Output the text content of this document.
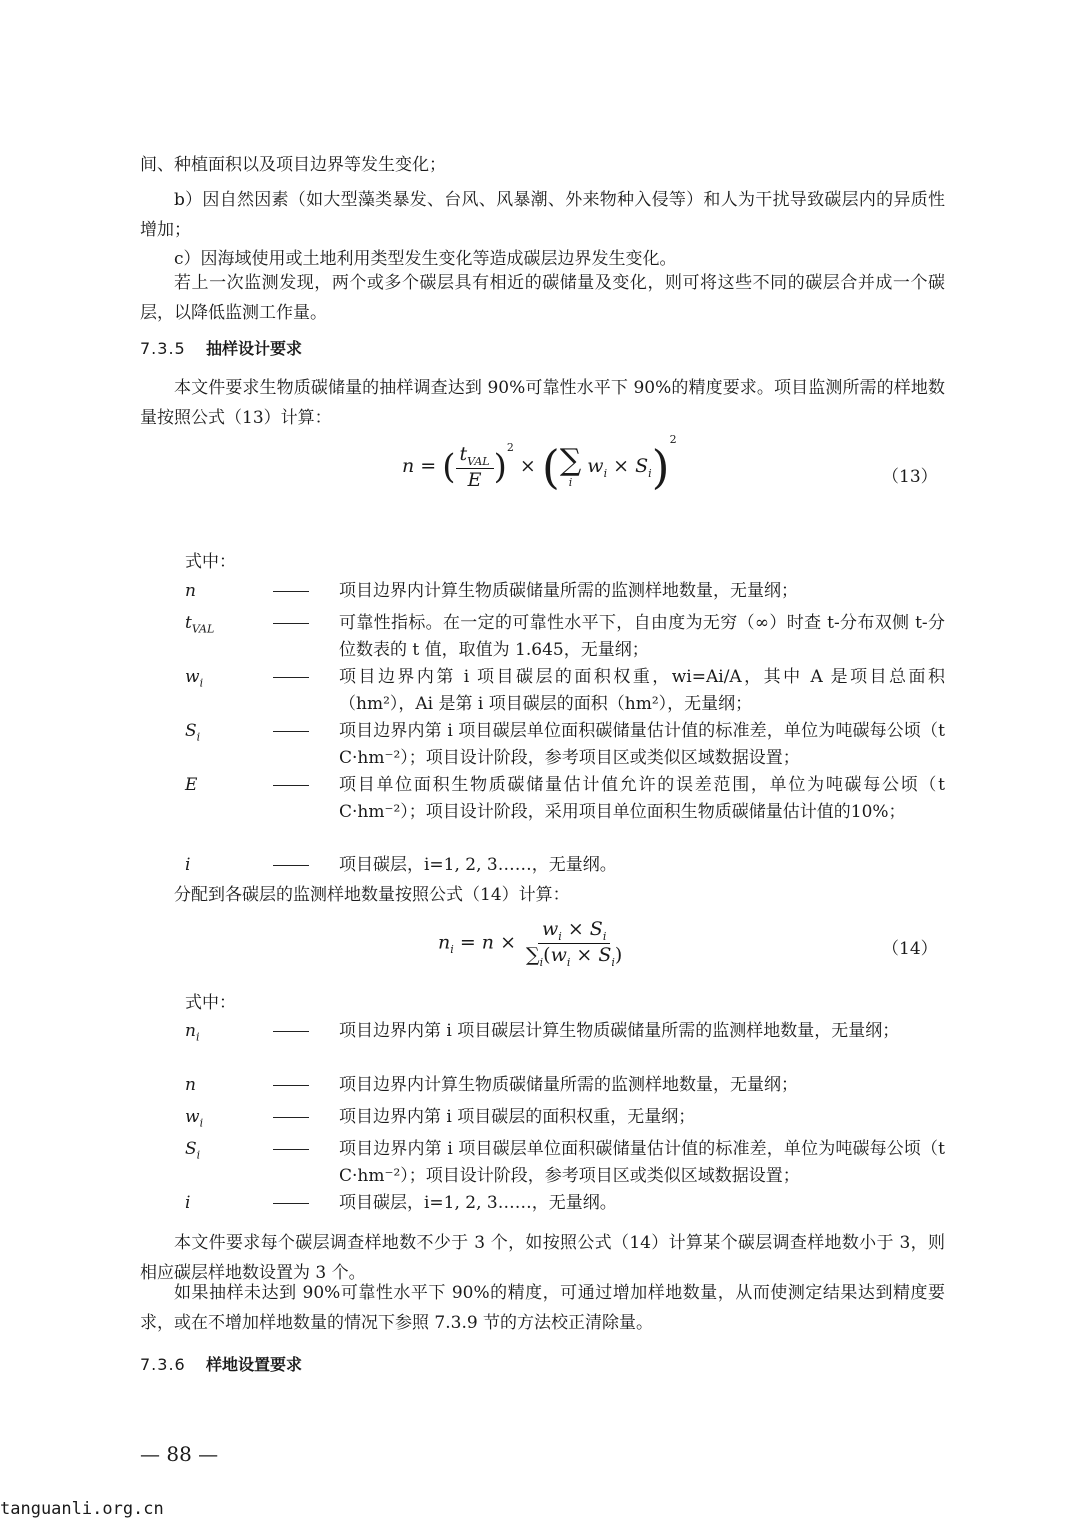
间、种植面积以及项目边界等发生变化；
b）因自然因素（如大型藻类暴发、台风、风暴潮、外来物种入侵等）和人为干扰导致碳层内的异质性增加；
c）因海域使用或土地利用类型发生变化等造成碳层边界发生变化。
若上一次监测发现，两个或多个碳层具有相近的碳储量及变化，则可将这些不同的碳层合并成一个碳层，以降低监测工作量。
7.3.5 抽样设计要求
本文件要求生物质碳储量的抽样调查达到 90%可靠性水平下 90%的精度要求。项目监测所需的样地数量按照公式（13）计算：
n = ( $\frac{t_{VAL}}{E} )^2$ × ( ∑
i
$w_i \times S_i)^2$
（13）
式中：
n	项目边界内计算生物质碳储量所需的监测样地数量，无量纲；
$t_{VAL}$	可靠性指标。在一定的可靠性水平下，自由度为无穷（∞）时查 t-分布双侧 t-分位数表的 t 值，取值为 1.645，无量纲；
$w_i$	项目边界内第 i 项目碳层的面积权重，wi=Ai/A，其中 A 是项目总面积（hm²），Ai 是第 i 项目碳层的面积（hm²），无量纲；
$S_i$	项目边界内第 i 项目碳层单位面积碳储量估计值的标准差，单位为吨碳每公顷（t C·hm⁻²）；项目设计阶段，参考项目区或类似区域数据设置；
E	项目单位面积生物质碳储量估计值允许的误差范围，单位为吨碳每公顷（t C·hm⁻²）；项目设计阶段，采用项目单位面积生物质碳储量估计值的10%；
i	项目碳层，i=1, 2, 3……，无量纲。
分配到各碳层的监测样地数量按照公式（14）计算：
$n_i = n \times \frac{w_i \times S_i}{\sum_i(w_i \times S_i)}$	（14）
式中：
$n_i$	项目边界内第 i 项目碳层计算生物质碳储量所需的监测样地数量，无量纲；
n	项目边界内计算生物质碳储量所需的监测样地数量，无量纲；
$w_i$	项目边界内第 i 项目碳层的面积权重，无量纲；
$S_i$	项目边界内第 i 项目碳层单位面积碳储量估计值的标准差，单位为吨碳每公顷（t C·hm⁻²）；项目设计阶段，参考项目区或类似区域数据设置；
i	项目碳层，i=1, 2, 3……，无量纲。
本文件要求每个碳层调查样地数不少于 3 个，如按照公式（14）计算某个碳层调查样地数小于 3，则相应碳层样地数设置为 3 个。
如果抽样未达到 90%可靠性水平下 90%的精度，可通过增加样地数量，从而使测定结果达到精度要求，或在不增加样地数量的情况下参照 7.3.9 节的方法校正清除量。
7.3.6 样地设置要求
— 88 —
tanguanli.org.cn
